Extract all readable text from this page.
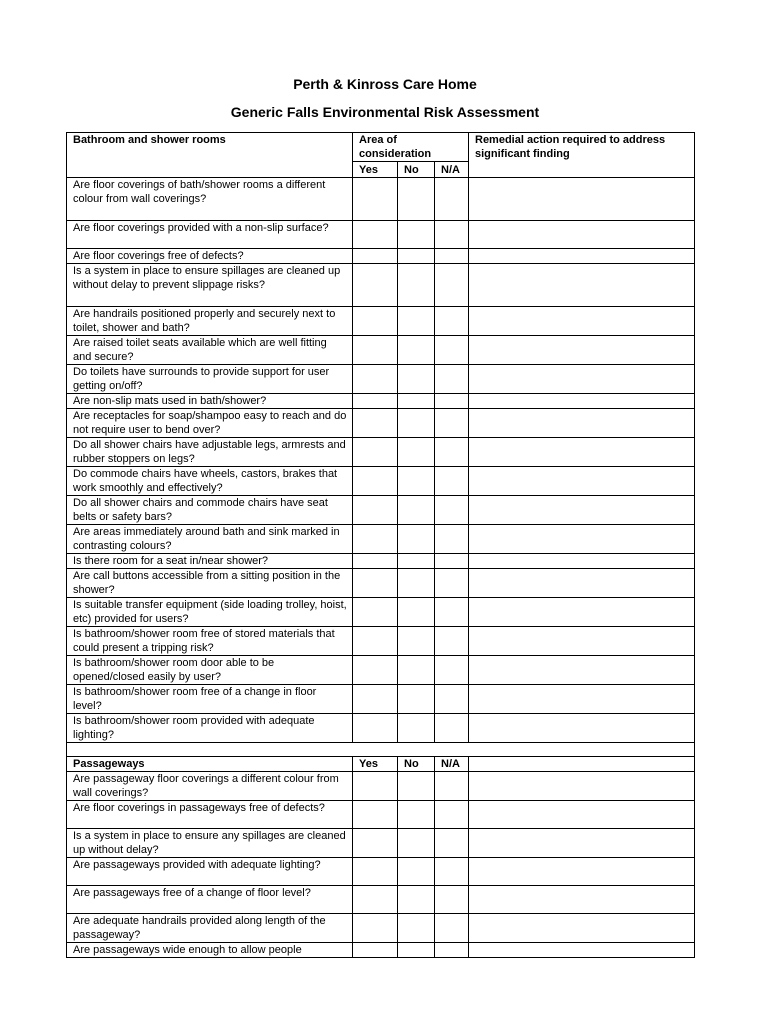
Perth & Kinross Care Home
Generic Falls Environmental Risk Assessment
Bathroom and shower rooms	Area of consideration			Remedial action required to address significant finding
	Yes	No	N/A	
Are floor coverings of bath/shower rooms a different colour from wall coverings?				
Are floor coverings provided with a non-slip surface?				
Are floor coverings free of defects?				
Is a system in place to ensure spillages are cleaned up without delay to prevent slippage risks?				
Are handrails positioned properly and securely next to toilet, shower and bath?				
Are raised toilet seats available which are well fitting and secure?				
Do toilets have surrounds to provide support for user getting on/off?				
Are non-slip mats used in bath/shower?				
Are receptacles for soap/shampoo easy to reach and do not require user to bend over?				
Do all shower chairs have adjustable legs, armrests and rubber stoppers on legs?				
Do commode chairs have wheels, castors, brakes that work smoothly and effectively?				
Do all shower chairs and commode chairs have seat belts or safety bars?				
Are areas immediately around bath and sink marked in contrasting colours?				
Is there room for a seat in/near shower?				
Are call buttons accessible from a sitting position in the shower?				
Is suitable transfer equipment (side loading trolley, hoist, etc) provided for users?				
Is bathroom/shower room free of stored materials that could present a tripping risk?				
Is bathroom/shower room door able to be opened/closed easily by user?				
Is bathroom/shower room free of a change in floor level?				
Is bathroom/shower room provided with adequate lighting?				

Passageways	Yes	No	N/A	
Are passageway floor coverings a different colour from wall coverings?				
Are floor coverings in passageways free of defects?				
Is a system in place to ensure any spillages are cleaned up without delay?				
Are passageways provided with adequate lighting?				
Are passageways free of a change of floor level?				
Are adequate handrails provided along length of the passageway?				
Are passageways wide enough to allow people				
